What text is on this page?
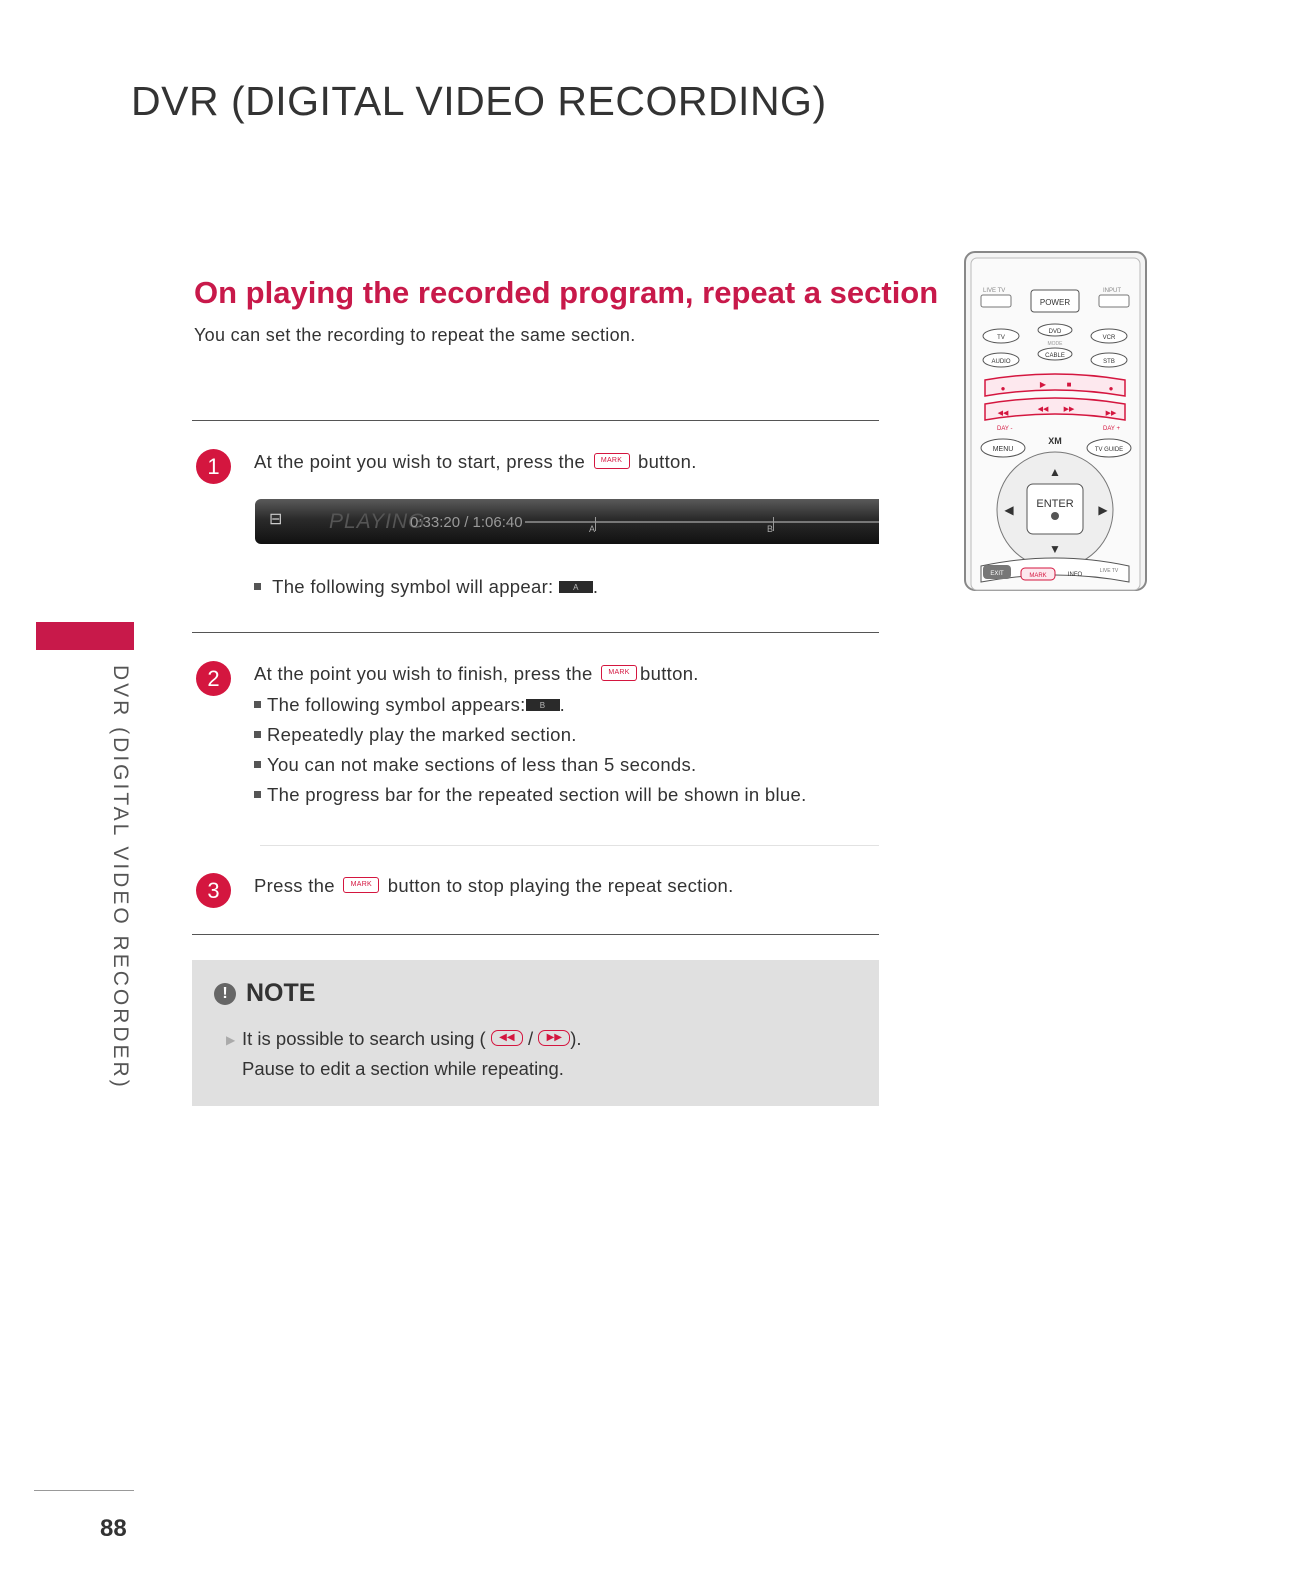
DVR (DIGITAL VIDEO RECORDING)
DVR (DIGITAL VIDEO RECORDER)
On playing the recorded program, repeat a section
You can set the recording to repeat the same section.
1	At the point you wish to start, press the MARK button.
⊟	PLAYING
0:33:20 / 1:06:40	A	B
The following symbol will appear: A .
2	At the point you wish to finish, press the MARK button.
The following symbol appears: B .
Repeatedly play the marked section.
You can not make sections of less than 5 seconds.
The progress bar for the repeated section will be shown in blue.
3	Press the MARK button to stop playing the repeat section.
! NOTE
▶ It is possible to search using ( ◀◀ / ▶▶ ).
Pause to edit a section while repeating.
LIVE TV
POWER
INPUT
TV
DVD
VCR
MODE
AUDIO
CABLE
STB
●	▶	■	●
◀◀
◀◀ ▶▶
▶▶
DAY -	DAY +
MENU
XM
TV GUIDE
ENTER
▲
▼
◀	▶
EXIT	MARK	INFO
LIVE TV
88
